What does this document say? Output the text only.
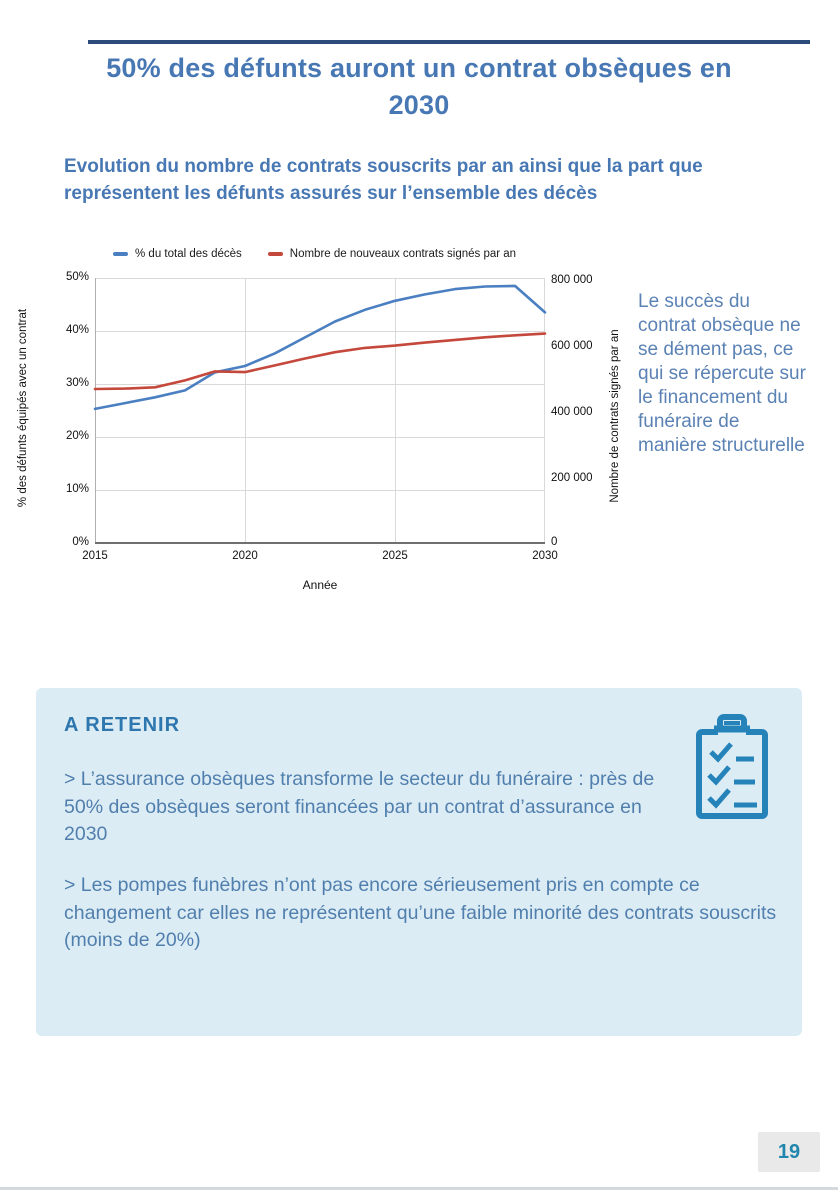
50% des défunts auront un contrat obsèques en 2030
Evolution du nombre de contrats souscrits par an ainsi que la part que représentent les défunts assurés sur l’ensemble des décès
% du total des décès	Nombre de nouveaux contrats signés par an
50%
40%
30%
20%
10%
0%
800 000
600 000
400 000
200 000
0
2015	2020	2025	2030
Année
% des défunts équipés avec un contrat	Nombre de contrats signés par an
Le succès du contrat obsèque ne se dément pas, ce qui se répercute sur le financement du funéraire de manière structurelle
A RETENIR
> L’assurance obsèques transforme le secteur du funéraire : près de 50% des obsèques seront financées par un contrat d’assurance en 2030
> Les pompes funèbres n’ont pas encore sérieusement pris en compte ce changement car elles ne représentent qu’une faible minorité des contrats souscrits (moins de 20%)
19
